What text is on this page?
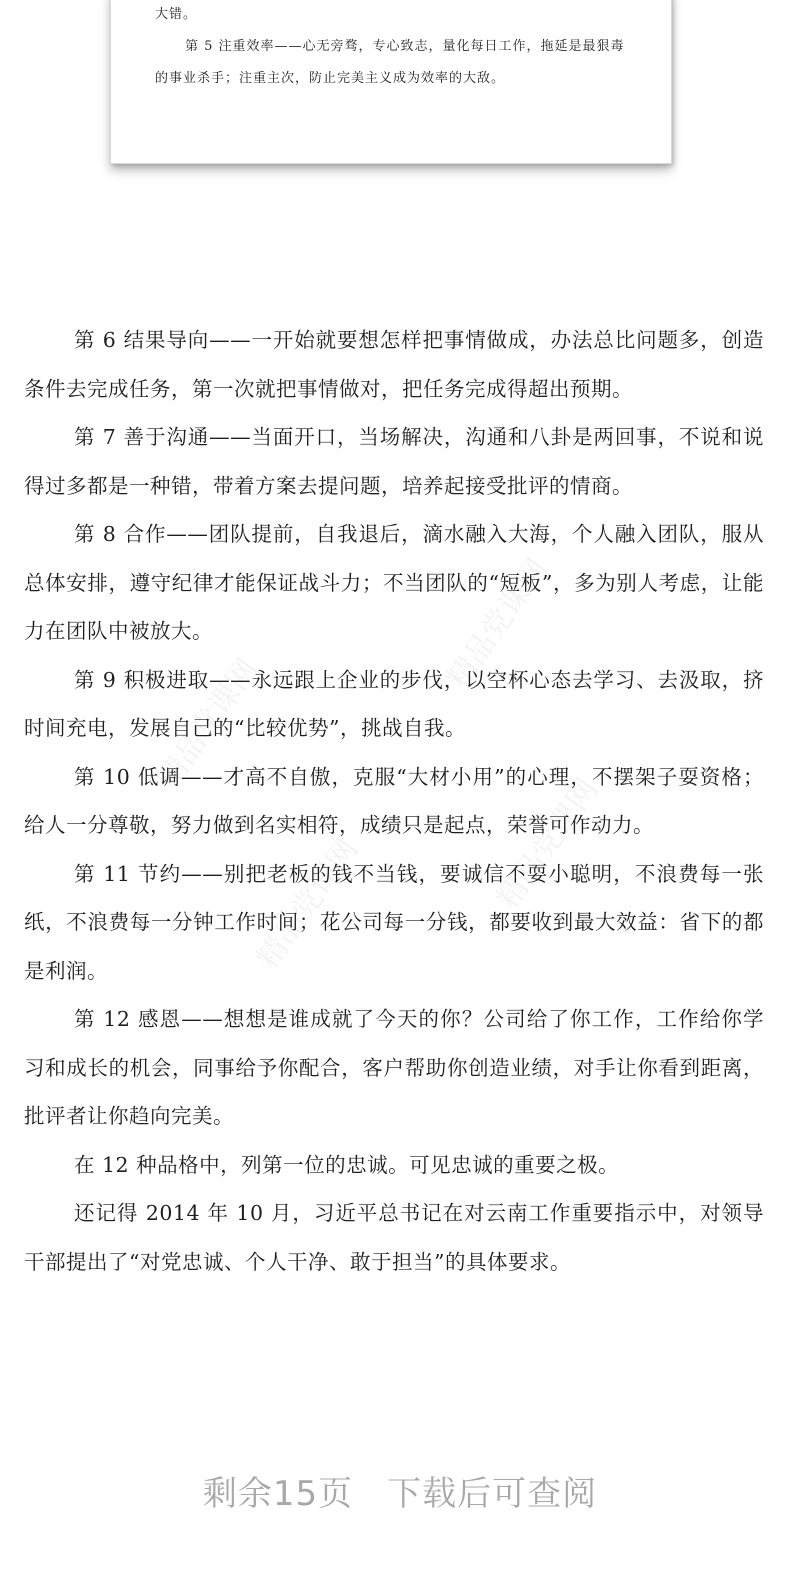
大错。

第 5 注重效率——心无旁骛，专心致志，量化每日工作，拖延是最狠毒的事业杀手；注重主次，防止完美主义成为效率的大敌。

精品党课网
精品党课网
精品党课网	精品党课网

第 6 结果导向——一开始就要想怎样把事情做成，办法总比问题多，创造条件去完成任务，第一次就把事情做对，把任务完成得超出预期。

第 7 善于沟通——当面开口，当场解决，沟通和八卦是两回事，不说和说得过多都是一种错，带着方案去提问题，培养起接受批评的情商。

第 8 合作——团队提前，自我退后，滴水融入大海，个人融入团队，服从总体安排，遵守纪律才能保证战斗力；不当团队的“短板”，多为别人考虑，让能力在团队中被放大。

第 9 积极进取——永远跟上企业的步伐，以空杯心态去学习、去汲取，挤时间充电，发展自己的“比较优势”，挑战自我。

第 10 低调——才高不自傲，克服“大材小用”的心理，不摆架子耍资格；给人一分尊敬，努力做到名实相符，成绩只是起点，荣誉可作动力。

第 11 节约——别把老板的钱不当钱，要诚信不耍小聪明，不浪费每一张纸，不浪费每一分钟工作时间；花公司每一分钱，都要收到最大效益：省下的都是利润。

第 12 感恩——想想是谁成就了今天的你？公司给了你工作，工作给你学习和成长的机会，同事给予你配合，客户帮助你创造业绩，对手让你看到距离，批评者让你趋向完美。

在 12 种品格中，列第一位的忠诚。可见忠诚的重要之极。

还记得 2014 年 10 月，习近平总书记在对云南工作重要指示中，对领导干部提出了“对党忠诚、个人干净、敢于担当”的具体要求。

剩余15页 下载后可查阅
